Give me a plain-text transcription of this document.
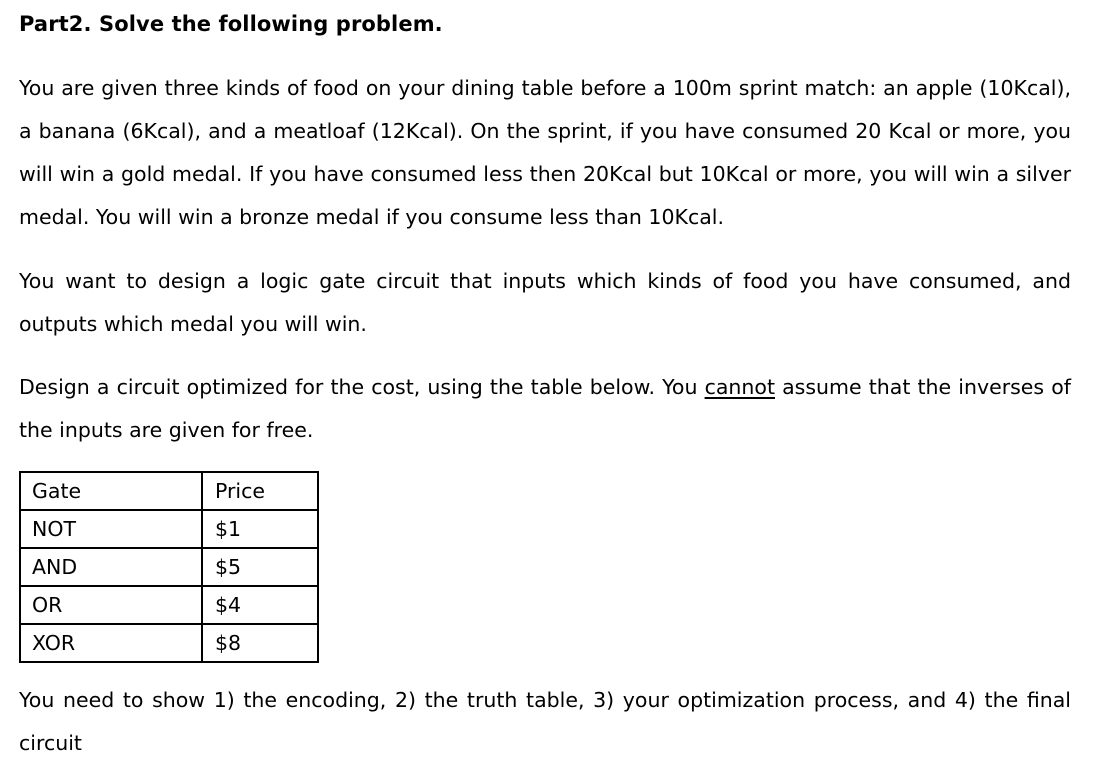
Part2. Solve the following problem.

You are given three kinds of food on your dining table before a 100m sprint match: an apple (10Kcal), a banana (6Kcal), and a meatloaf (12Kcal). On the sprint, if you have consumed 20 Kcal or more, you will win a gold medal. If you have consumed less then 20Kcal but 10Kcal or more, you will win a silver medal. You will win a bronze medal if you consume less than 10Kcal.

You want to design a logic gate circuit that inputs which kinds of food you have consumed, and outputs which medal you will win.

Design a circuit optimized for the cost, using the table below. You cannot assume that the inverses of the inputs are given for free.

Gate	Price
NOT	$1
AND	$5
OR	$4
XOR	$8

You need to show 1) the encoding, 2) the truth table, 3) your optimization process, and 4) the final circuit
